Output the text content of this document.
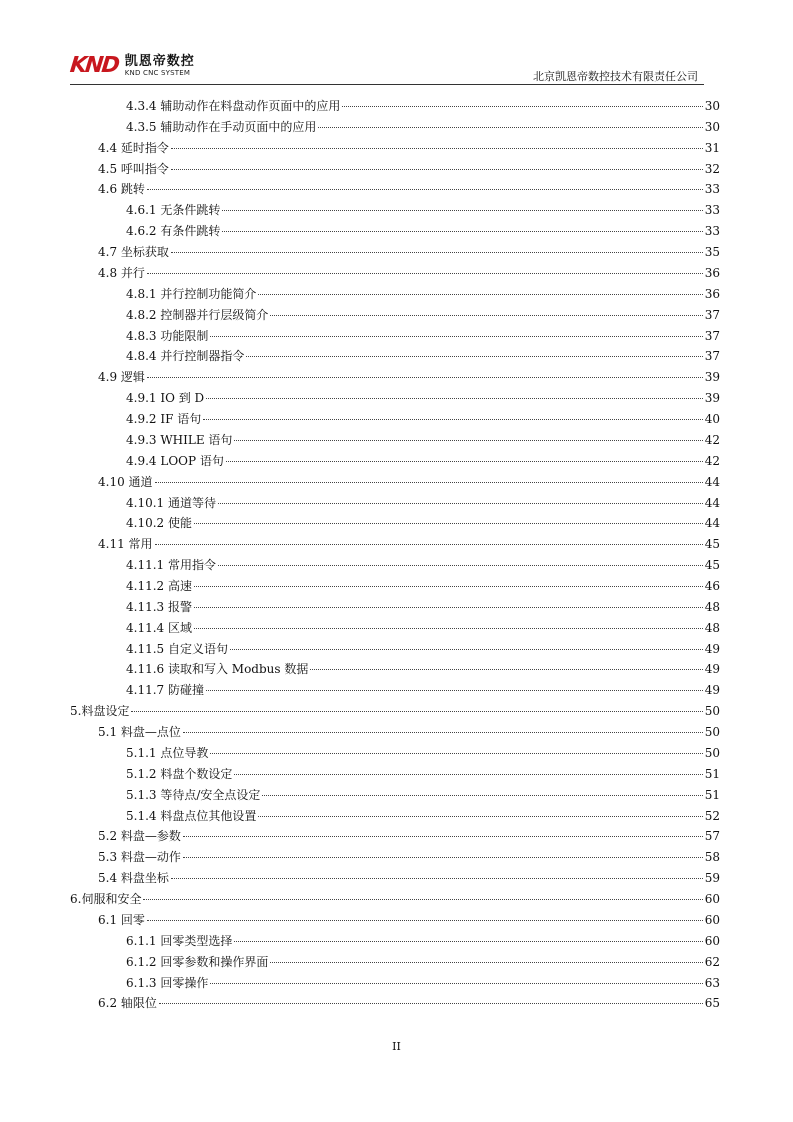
KND 凯恩帝数控
KND CNC SYSTEM	北京凯恩帝数控技术有限责任公司
4.3.4 辅助动作在料盘动作页面中的应用	30
4.3.5 辅助动作在手动页面中的应用	30
4.4 延时指令	31
4.5 呼叫指令	32
4.6 跳转	33
4.6.1 无条件跳转	33
4.6.2 有条件跳转	33
4.7 坐标获取	35
4.8 并行	36
4.8.1 并行控制功能简介	36
4.8.2 控制器并行层级简介	37
4.8.3 功能限制	37
4.8.4 并行控制器指令	37
4.9 逻辑	39
4.9.1 IO 到 D	39
4.9.2 IF 语句	40
4.9.3 WHILE 语句	42
4.9.4 LOOP 语句	42
4.10 通道	44
4.10.1 通道等待	44
4.10.2 使能	44
4.11 常用	45
4.11.1 常用指令	45
4.11.2 高速	46
4.11.3 报警	48
4.11.4 区域	48
4.11.5 自定义语句	49
4.11.6 读取和写入 Modbus 数据	49
4.11.7 防碰撞	49
5.料盘设定	50
5.1 料盘—点位	50
5.1.1 点位导教	50
5.1.2 料盘个数设定	51
5.1.3 等待点/安全点设定	51
5.1.4 料盘点位其他设置	52
5.2 料盘—参数	57
5.3 料盘—动作	58
5.4 料盘坐标	59
6.伺服和安全	60
6.1 回零	60
6.1.1 回零类型选择	60
6.1.2 回零参数和操作界面	62
6.1.3 回零操作	63
6.2 轴限位	65
II
